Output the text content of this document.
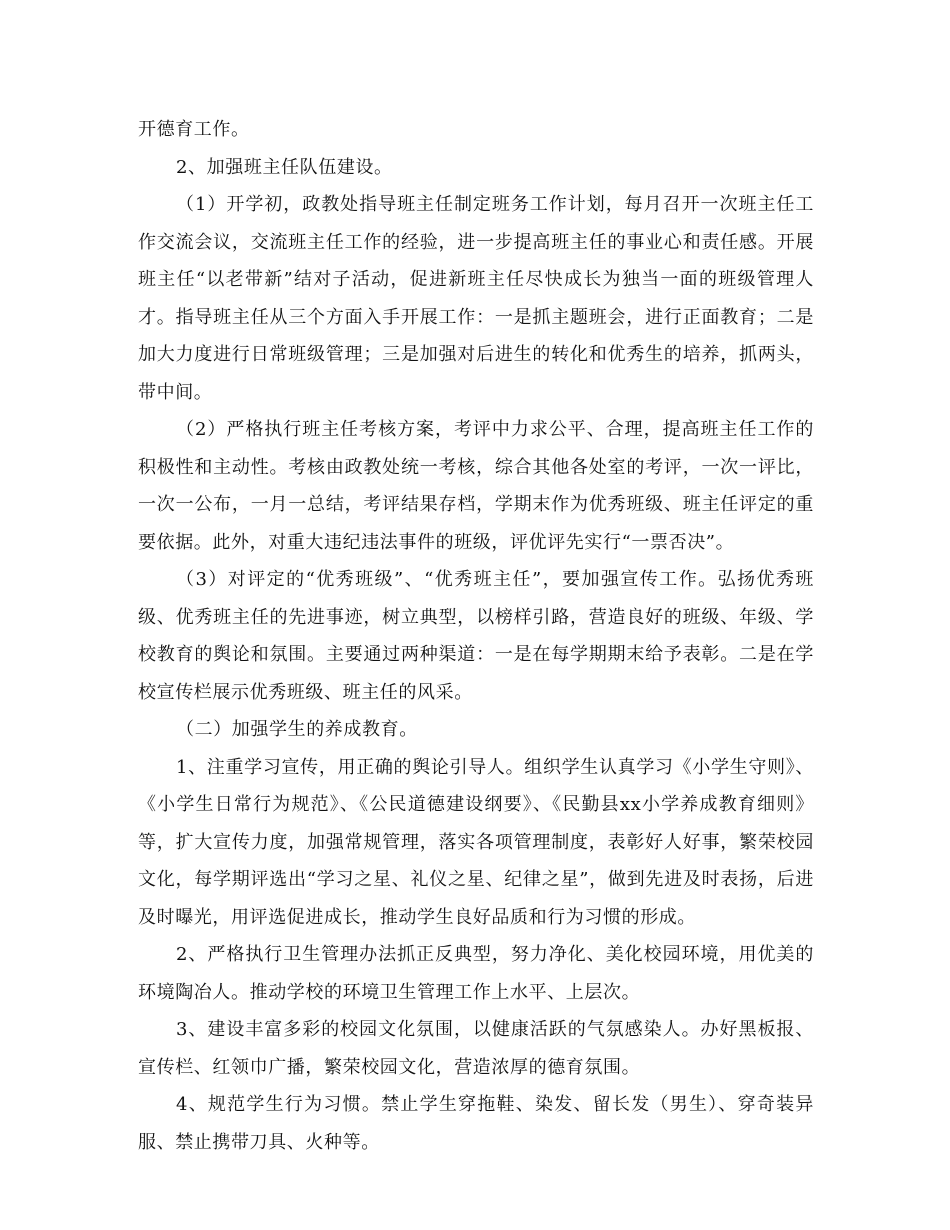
开德育工作。

2、加强班主任队伍建设。

（1）开学初，政教处指导班主任制定班务工作计划，每月召开一次班主任工作交流会议，交流班主任工作的经验，进一步提高班主任的事业心和责任感。开展班主任“以老带新”结对子活动，促进新班主任尽快成长为独当一面的班级管理人才。指导班主任从三个方面入手开展工作：一是抓主题班会，进行正面教育；二是加大力度进行日常班级管理；三是加强对后进生的转化和优秀生的培养，抓两头，带中间。

（2）严格执行班主任考核方案，考评中力求公平、合理，提高班主任工作的积极性和主动性。考核由政教处统一考核，综合其他各处室的考评，一次一评比，一次一公布，一月一总结，考评结果存档，学期末作为优秀班级、班主任评定的重要依据。此外，对重大违纪违法事件的班级，评优评先实行“一票否决”。

（3）对评定的“优秀班级”、“优秀班主任”，要加强宣传工作。弘扬优秀班级、优秀班主任的先进事迹，树立典型，以榜样引路，营造良好的班级、年级、学校教育的舆论和氛围。主要通过两种渠道：一是在每学期期末给予表彰。二是在学校宣传栏展示优秀班级、班主任的风采。

（二）加强学生的养成教育。

1、注重学习宣传，用正确的舆论引导人。组织学生认真学习《小学生守则》、《小学生日常行为规范》、《公民道德建设纲要》、《民勤县xx小学养成教育细则》等，扩大宣传力度，加强常规管理，落实各项管理制度，表彰好人好事，繁荣校园文化，每学期评选出“学习之星、礼仪之星、纪律之星”，做到先进及时表扬，后进及时曝光，用评选促进成长，推动学生良好品质和行为习惯的形成。

2、严格执行卫生管理办法抓正反典型，努力净化、美化校园环境，用优美的环境陶冶人。推动学校的环境卫生管理工作上水平、上层次。

3、建设丰富多彩的校园文化氛围，以健康活跃的气氛感染人。办好黑板报、宣传栏、红领巾广播，繁荣校园文化，营造浓厚的德育氛围。

4、规范学生行为习惯。禁止学生穿拖鞋、染发、留长发（男生）、穿奇装异服、禁止携带刀具、火种等。
